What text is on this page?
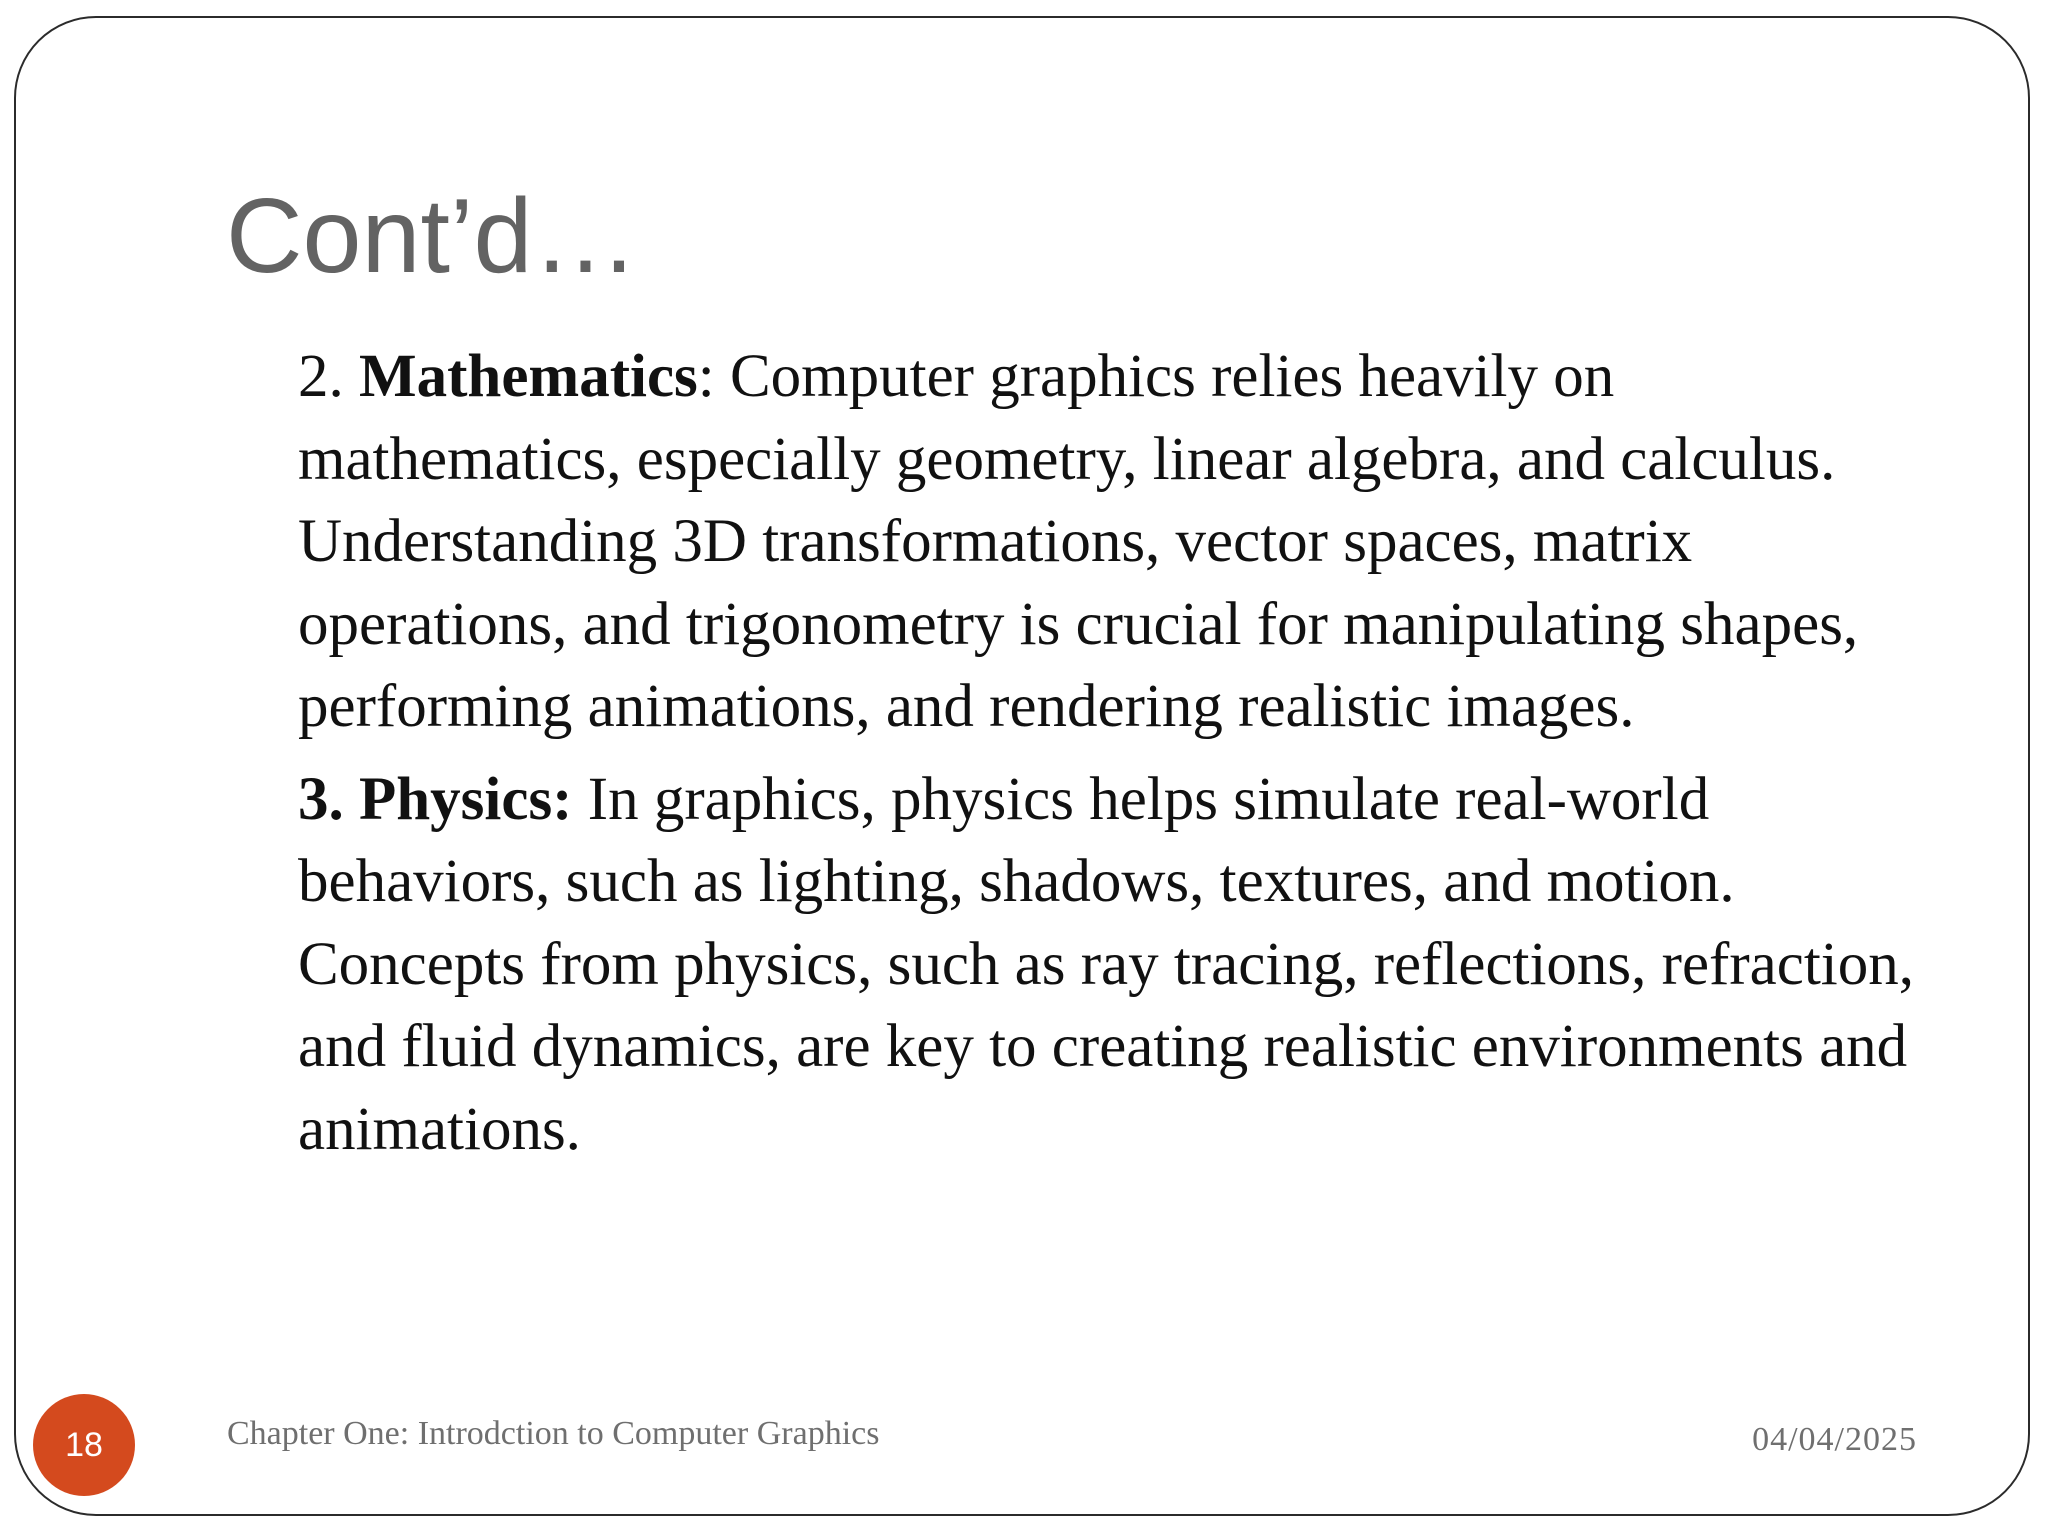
Cont’d…

2. Mathematics: Computer graphics relies heavily on
mathematics, especially geometry, linear algebra, and calculus.
Understanding 3D transformations, vector spaces, matrix
operations, and trigonometry is crucial for manipulating shapes,
performing animations, and rendering realistic images.

3. Physics: In graphics, physics helps simulate real-world
behaviors, such as lighting, shadows, textures, and motion.
Concepts from physics, such as ray tracing, reflections, refraction,
and fluid dynamics, are key to creating realistic environments and
animations.

18	Chapter One: Introdction to Computer Graphics	04/04/2025
